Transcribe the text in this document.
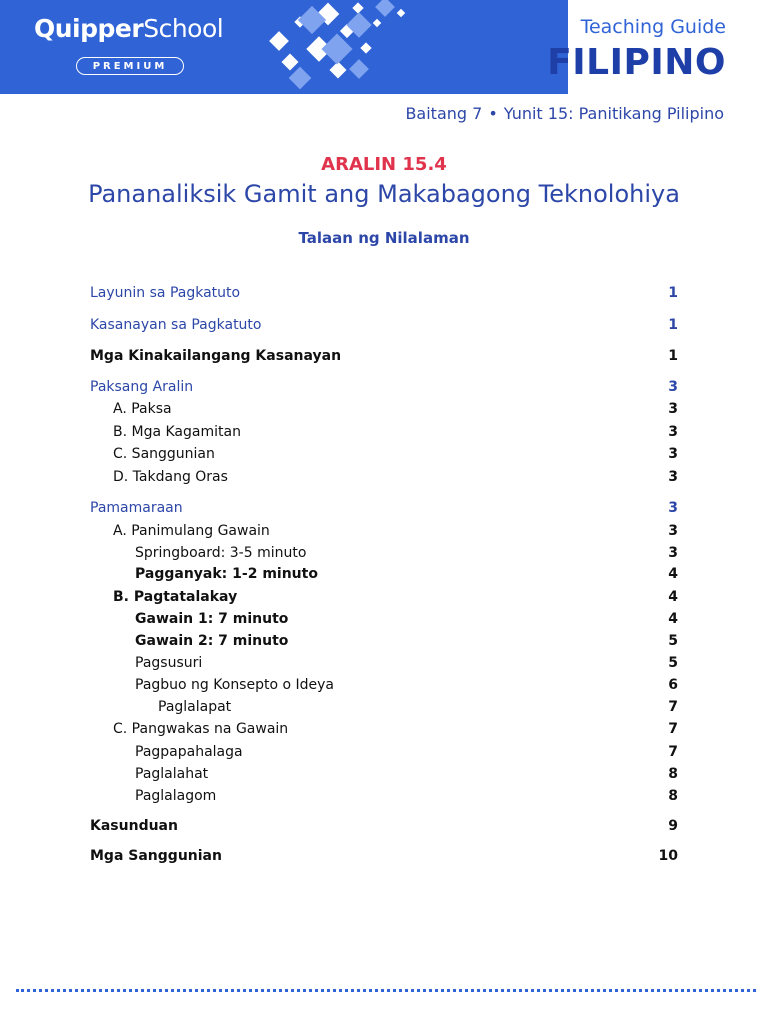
QuipperSchool
PREMIUM
Teaching Guide
FILIPINO
Baitang 7 • Yunit 15: Panitikang Pilipino
ARALIN 15.4
Pananaliksik Gamit ang Makabagong Teknolohiya
Talaan ng Nilalaman
Layunin sa Pagkatuto	1
Kasanayan sa Pagkatuto	1
Mga Kinakailangang Kasanayan	1
Paksang Aralin	3
A. Paksa	3
B. Mga Kagamitan	3
C. Sanggunian	3
D. Takdang Oras	3
Pamamaraan	3
A. Panimulang Gawain	3
Springboard: 3-5 minuto	3
Pagganyak: 1-2 minuto	4
B. Pagtatalakay	4
Gawain 1: 7 minuto	4
Gawain 2: 7 minuto	5
Pagsusuri	5
Pagbuo ng Konsepto o Ideya	6
Paglalapat	7
C. Pangwakas na Gawain	7
Pagpapahalaga	7
Paglalahat	8
Paglalagom	8
Kasunduan	9
Mga Sanggunian	10
